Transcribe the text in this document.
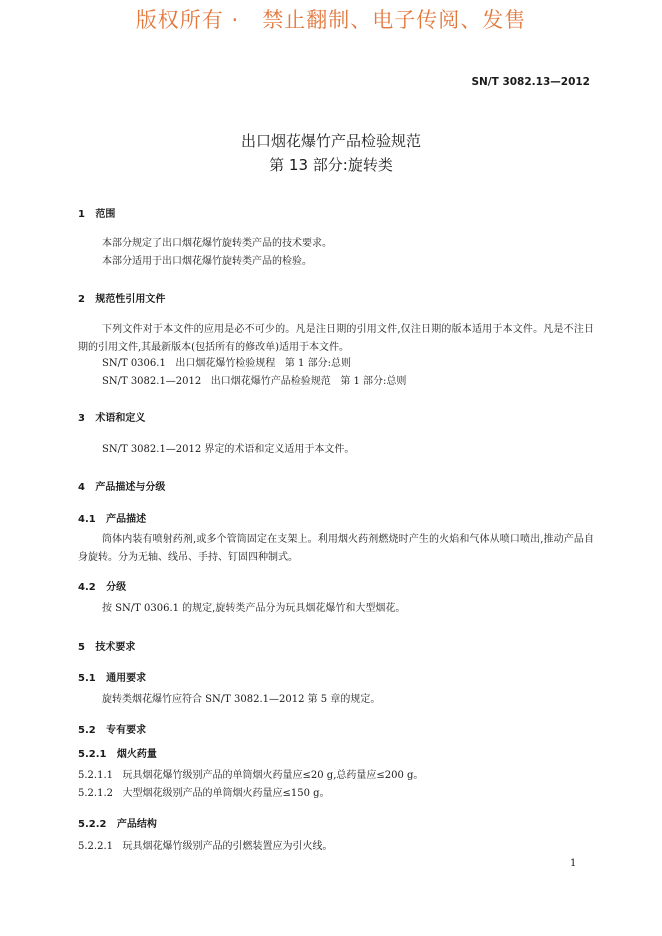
版权所有 ·   禁止翻制、电子传阅、发售
SN/T 3082.13—2012
出口烟花爆竹产品检验规范
第 13 部分:旋转类
1   范围
本部分规定了出口烟花爆竹旋转类产品的技术要求。
本部分适用于出口烟花爆竹旋转类产品的检验。
2   规范性引用文件
下列文件对于本文件的应用是必不可少的。凡是注日期的引用文件,仅注日期的版本适用于本文件。凡是不注日期的引用文件,其最新版本(包括所有的修改单)适用于本文件。
SN/T 0306.1   出口烟花爆竹检验规程   第 1 部分:总则
SN/T 3082.1—2012   出口烟花爆竹产品检验规范   第 1 部分:总则
3   术语和定义
SN/T 3082.1—2012 界定的术语和定义适用于本文件。
4   产品描述与分级
4.1   产品描述
筒体内装有喷射药剂,或多个管筒固定在支架上。利用烟火药剂燃烧时产生的火焰和气体从喷口喷出,推动产品自身旋转。分为无轴、线吊、手持、钉固四种制式。
4.2   分级
按 SN/T 0306.1 的规定,旋转类产品分为玩具烟花爆竹和大型烟花。
5   技术要求
5.1   通用要求
旋转类烟花爆竹应符合 SN/T 3082.1—2012 第 5 章的规定。
5.2   专有要求
5.2.1   烟火药量
5.2.1.1   玩具烟花爆竹级别产品的单筒烟火药量应≤20 g,总药量应≤200 g。
5.2.1.2   大型烟花级别产品的单筒烟火药量应≤150 g。
5.2.2   产品结构
5.2.2.1   玩具烟花爆竹级别产品的引燃装置应为引火线。
1
